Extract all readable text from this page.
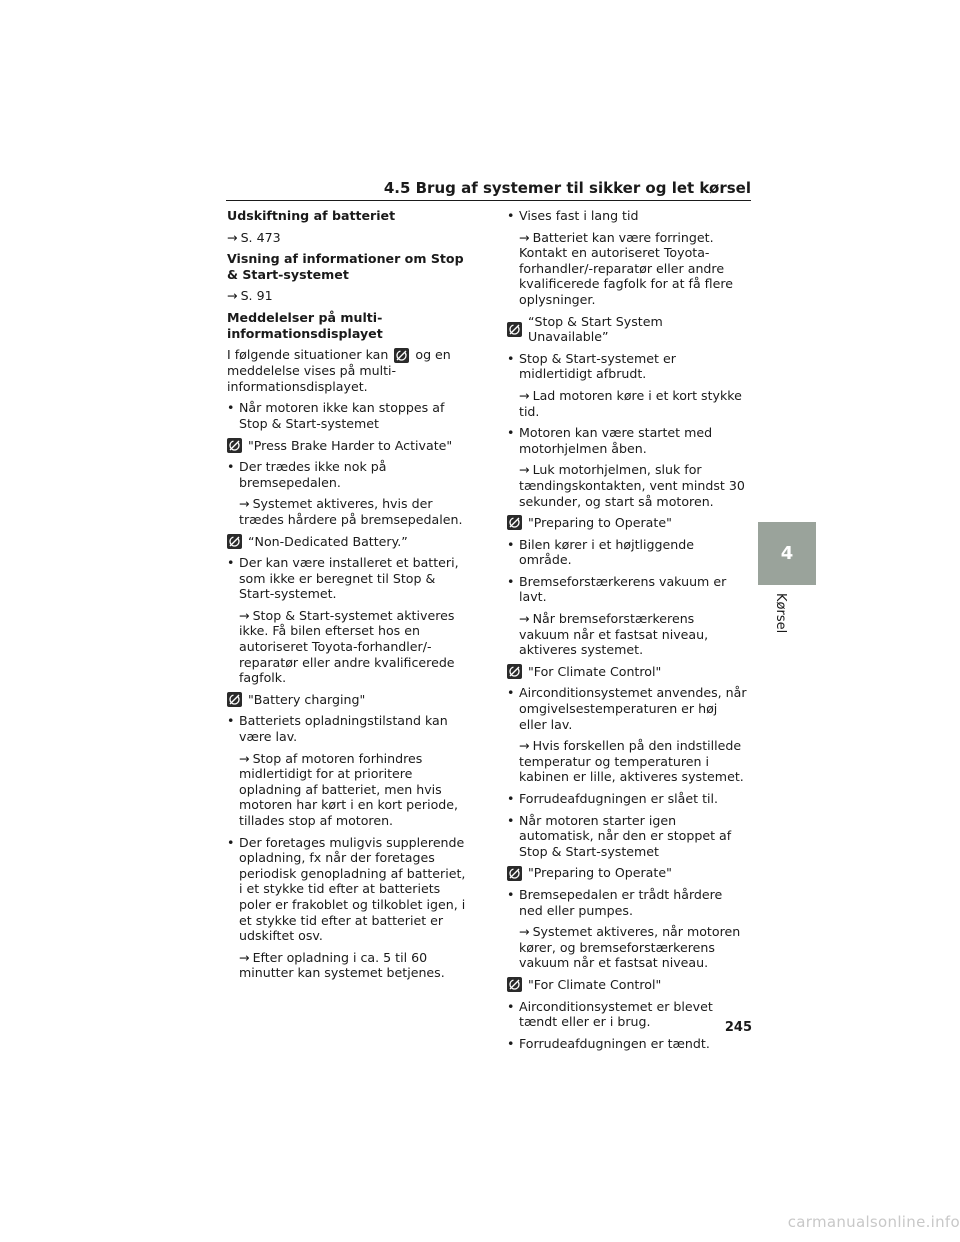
4.5 Brug af systemer til sikker og let kørsel
Udskiftning af batteriet

→ S. 473

Visning af informationer om Stop & Start-systemet

→ S. 91

Meddelelser på multi-informationsdisplayet

I følgende situationer kan og en meddelelse vises på multi-informationsdisplayet.

• Når motoren ikke kan stoppes af Stop & Start-systemet

"Press Brake Harder to Activate"

• Der trædes ikke nok på bremsepedalen.

→ Systemet aktiveres, hvis der trædes hårdere på bremsepedalen.

“Non-Dedicated Battery.”

• Der kan være installeret et batteri, som ikke er beregnet til Stop & Start-systemet.

→ Stop & Start-systemet aktiveres ikke. Få bilen efterset hos en autoriseret Toyota-forhandler/-reparatør eller andre kvalificerede fagfolk.

"Battery charging"

• Batteriets opladningstilstand kan være lav.

→ Stop af motoren forhindres midlertidigt for at prioritere opladning af batteriet, men hvis motoren har kørt i en kort periode, tillades stop af motoren.

• Der foretages muligvis supplerende opladning, fx når der foretages periodisk genopladning af batteriet, i et stykke tid efter at batteriets poler er frakoblet og tilkoblet igen, i et stykke tid efter at batteriet er udskiftet osv.

→ Efter opladning i ca. 5 til 60 minutter kan systemet betjenes.

• Vises fast i lang tid

→ Batteriet kan være forringet. Kontakt en autoriseret Toyota-forhandler/-reparatør eller andre kvalificerede fagfolk for at få flere oplysninger.

“Stop & Start System Unavailable”

• Stop & Start-systemet er midlertidigt afbrudt.

→ Lad motoren køre i et kort stykke tid.

• Motoren kan være startet med motorhjelmen åben.

→ Luk motorhjelmen, sluk for tændingskontakten, vent mindst 30 sekunder, og start så motoren.

"Preparing to Operate"

• Bilen kører i et højtliggende område.

• Bremseforstærkerens vakuum er lavt.

→ Når bremseforstærkerens vakuum når et fastsat niveau, aktiveres systemet.

"For Climate Control"

• Airconditionsystemet anvendes, når omgivelsestemperaturen er høj eller lav.

→ Hvis forskellen på den indstillede temperatur og temperaturen i kabinen er lille, aktiveres systemet.

• Forrudeafdugningen er slået til.

• Når motoren starter igen automatisk, når den er stoppet af Stop & Start-systemet

"Preparing to Operate"

• Bremsepedalen er trådt hårdere ned eller pumpes.

→ Systemet aktiveres, når motoren kører, og bremseforstærkerens vakuum når et fastsat niveau.

"For Climate Control"

• Airconditionsystemet er blevet tændt eller er i brug.

• Forrudeafdugningen er tændt.

4
Kørsel
245
carmanualsonline.info
